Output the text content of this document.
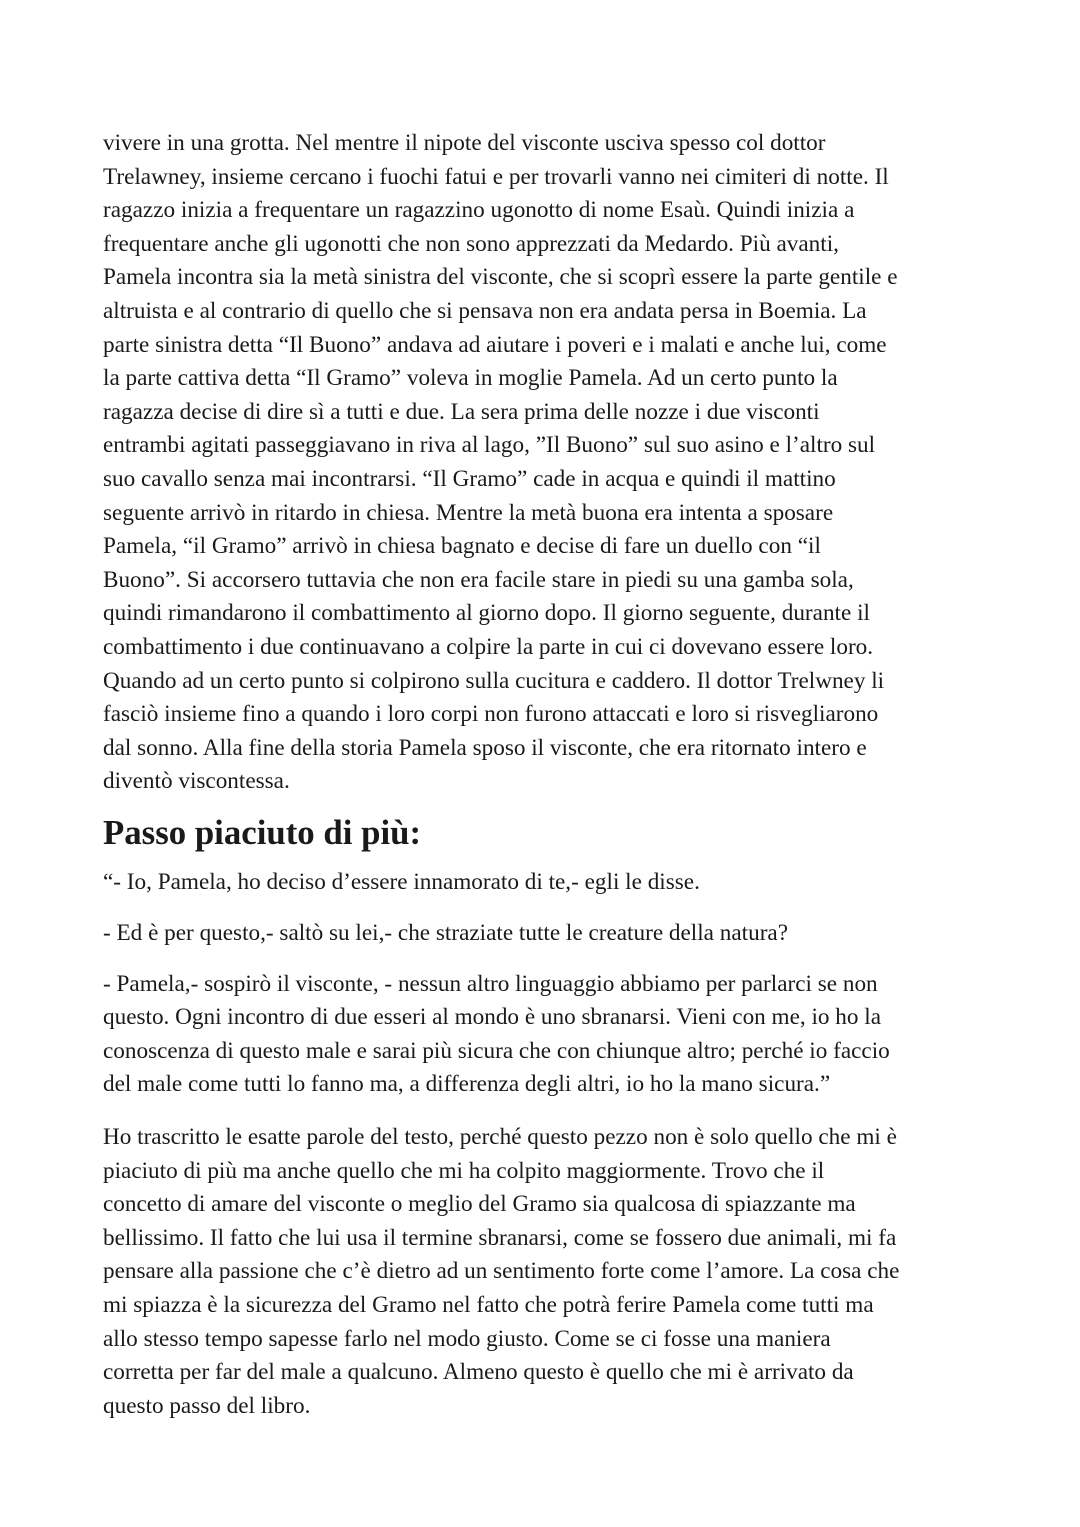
vivere in una grotta. Nel mentre il nipote del visconte usciva spesso col dottor
Trelawney, insieme cercano i fuochi fatui e per trovarli vanno nei cimiteri di notte. Il
ragazzo inizia a frequentare un ragazzino ugonotto di nome Esaù. Quindi inizia a
frequentare anche gli ugonotti che non sono apprezzati da Medardo. Più avanti,
Pamela incontra sia la metà sinistra del visconte, che si scoprì essere la parte gentile e
altruista e al contrario di quello che si pensava non era andata persa in Boemia. La
parte sinistra detta “Il Buono” andava ad aiutare i poveri e i malati e anche lui, come
la parte cattiva detta “Il Gramo” voleva in moglie Pamela. Ad un certo punto la
ragazza decise di dire sì a tutti e due. La sera prima delle nozze i due visconti
entrambi agitati passeggiavano in riva al lago, ”Il Buono” sul suo asino e l’altro sul
suo cavallo senza mai incontrarsi. “Il Gramo” cade in acqua e quindi il mattino
seguente arrivò in ritardo in chiesa. Mentre la metà buona era intenta a sposare
Pamela, “il Gramo” arrivò in chiesa bagnato e decise di fare un duello con “il
Buono”. Si accorsero tuttavia che non era facile stare in piedi su una gamba sola,
quindi rimandarono il combattimento al giorno dopo. Il giorno seguente, durante il
combattimento i due continuavano a colpire la parte in cui ci dovevano essere loro.
Quando ad un certo punto si colpirono sulla cucitura e caddero. Il dottor Trelwney li
fasciò insieme fino a quando i loro corpi non furono attaccati e loro si risvegliarono
dal sonno. Alla fine della storia Pamela sposo il visconte, che era ritornato intero e
diventò viscontessa.

Passo piaciuto di più:

“- Io, Pamela, ho deciso d’essere innamorato di te,- egli le disse.

- Ed è per questo,- saltò su lei,- che straziate tutte le creature della natura?

- Pamela,- sospirò il visconte, - nessun altro linguaggio abbiamo per parlarci se non
questo. Ogni incontro di due esseri al mondo è uno sbranarsi. Vieni con me, io ho la
conoscenza di questo male e sarai più sicura che con chiunque altro; perché io faccio
del male come tutti lo fanno ma, a differenza degli altri, io ho la mano sicura.”

Ho trascritto le esatte parole del testo, perché questo pezzo non è solo quello che mi è
piaciuto di più ma anche quello che mi ha colpito maggiormente. Trovo che il
concetto di amare del visconte o meglio del Gramo sia qualcosa di spiazzante ma
bellissimo. Il fatto che lui usa il termine sbranarsi, come se fossero due animali, mi fa
pensare alla passione che c’è dietro ad un sentimento forte come l’amore. La cosa che
mi spiazza è la sicurezza del Gramo nel fatto che potrà ferire Pamela come tutti ma
allo stesso tempo sapesse farlo nel modo giusto. Come se ci fosse una maniera
corretta per far del male a qualcuno. Almeno questo è quello che mi è arrivato da
questo passo del libro.
